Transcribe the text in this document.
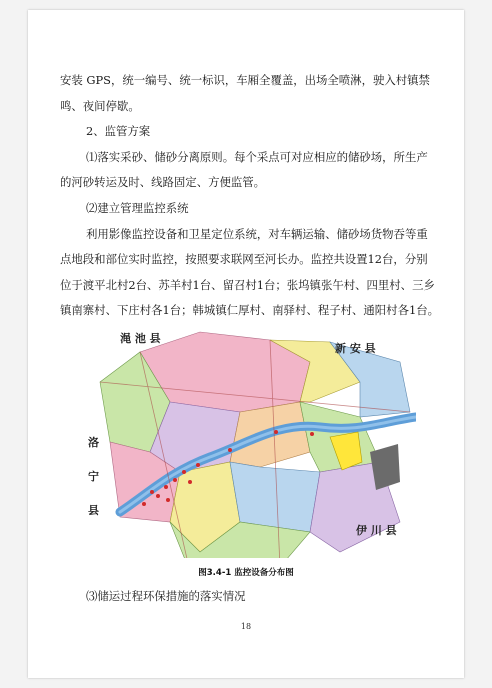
安装 GPS，统一编号、统一标识，车厢全覆盖，出场全喷淋，驶入村镇禁
鸣、夜间停歇。
2、监管方案
⑴落实采砂、储砂分离原则。每个采点可对应相应的储砂场，所生产
的河砂转运及时、线路固定、方便监管。
⑵建立管理监控系统
利用影像监控设备和卫星定位系统，对车辆运输、储砂场货物吞等重
点地段和部位实时监控，按照要求联网至河长办。监控共设置12台，分别
位于渡平北村2台、苏羊村1台、留召村1台；张坞镇张午村、四里村、三乡
渑 池 县
新 安 县
洛
宁
县
伊 川 县
图3.4-1 监控设备分布图
⑶储运过程环保措施的落实情况
18
镇南寨村、下庄村各1台；韩城镇仁厚村、南驿村、程子村、通阳村各1台。
